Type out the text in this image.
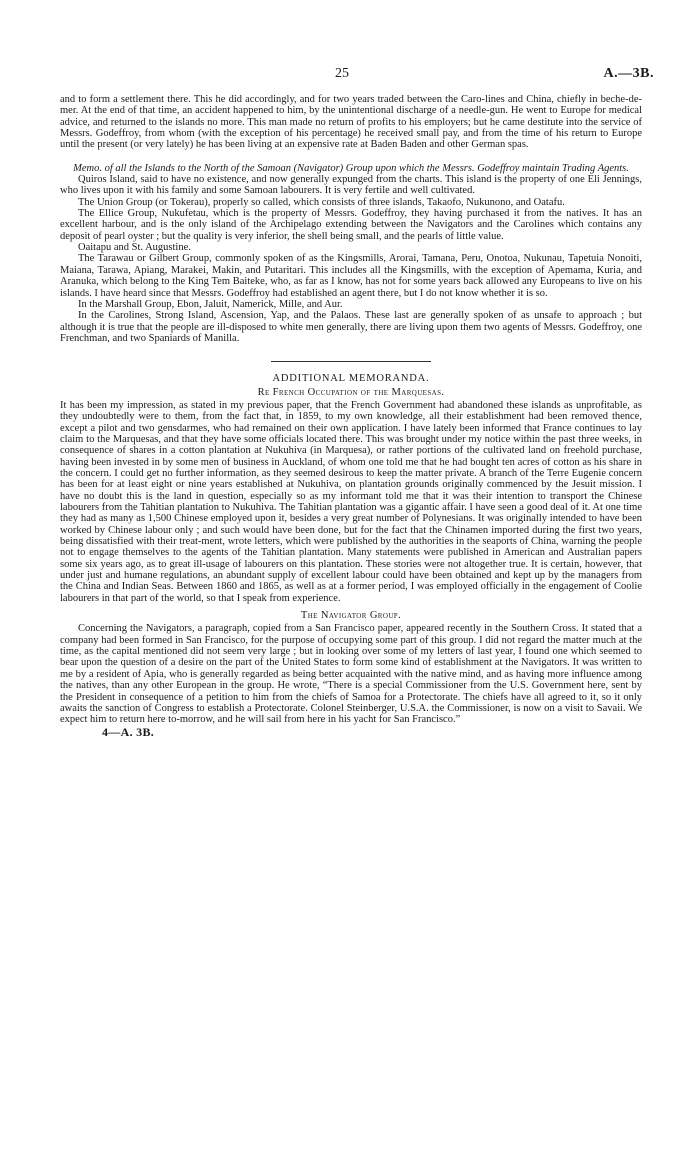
25	A.—3B.

and to form a settlement there. This he did accordingly, and for two years traded between the Caro-lines and China, chiefly in beche-de-mer. At the end of that time, an accident happened to him, by the unintentional discharge of a needle-gun. He went to Europe for medical advice, and returned to the islands no more. This man made no return of profits to his employers; but he came destitute into the service of Messrs. Godeffroy, from whom (with the exception of his percentage) he received small pay, and from the time of his return to Europe until the present (or very lately) he has been living at an expensive rate at Baden Baden and other German spas.

Memo. of all the Islands to the North of the Samoan (Navigator) Group upon which the Messrs. Godeffroy maintain Trading Agents.

Quiros Island, said to have no existence, and now generally expunged from the charts. This island is the property of one Eli Jennings, who lives upon it with his family and some Samoan labourers. It is very fertile and well cultivated.

The Union Group (or Tokerau), properly so called, which consists of three islands, Takaofo, Nukunono, and Oatafu.

The Ellice Group, Nukufetau, which is the property of Messrs. Godeffroy, they having purchased it from the natives. It has an excellent harbour, and is the only island of the Archipelago extending between the Navigators and the Carolines which contains any deposit of pearl oyster ; but the quality is very inferior, the shell being small, and the pearls of little value.

Oaitapu and St. Augustine.

The Tarawau or Gilbert Group, commonly spoken of as the Kingsmills, Arorai, Tamana, Peru, Onotoa, Nukunau, Tapetuia Nonoiti, Maiana, Tarawa, Apiang, Marakei, Makin, and Putaritari. This includes all the Kingsmills, with the exception of Apemama, Kuria, and Aranuka, which belong to the King Tem Baiteke, who, as far as I know, has not for some years back allowed any Europeans to live on his islands. I have heard since that Messrs. Godeffroy had established an agent there, but I do not know whether it is so.

In the Marshall Group, Ebon, Jaluit, Namerick, Mille, and Aur.

In the Carolines, Strong Island, Ascension, Yap, and the Palaos. These last are generally spoken of as unsafe to approach ; but although it is true that the people are ill-disposed to white men generally, there are living upon them two agents of Messrs. Godeffroy, one Frenchman, and two Spaniards of Manilla.

ADDITIONAL MEMORANDA.

Re French Occupation of the Marquesas.

It has been my impression, as stated in my previous paper, that the French Government had abandoned these islands as unprofitable, as they undoubtedly were to them, from the fact that, in 1859, to my own knowledge, all their establishment had been removed thence, except a pilot and two gensdarmes, who had remained on their own application. I have lately been informed that France continues to lay claim to the Marquesas, and that they have some officials located there. This was brought under my notice within the past three weeks, in consequence of shares in a cotton plantation at Nukuhiva (in Marquesa), or rather portions of the cultivated land on freehold purchase, having been invested in by some men of business in Auckland, of whom one told me that he had bought ten acres of cotton as his share in the concern. I could get no further information, as they seemed desirous to keep the matter private. A branch of the Terre Eugenie concern has been for at least eight or nine years established at Nukuhiva, on plantation grounds originally commenced by the Jesuit mission. I have no doubt this is the land in question, especially so as my informant told me that it was their intention to transport the Chinese labourers from the Tahitian plantation to Nukuhiva. The Tahitian plantation was a gigantic affair. I have seen a good deal of it. At one time they had as many as 1,500 Chinese employed upon it, besides a very great number of Polynesians. It was originally intended to have been worked by Chinese labour only ; and such would have been done, but for the fact that the Chinamen imported during the first two years, being dissatisfied with their treat-ment, wrote letters, which were published by the authorities in the seaports of China, warning the people not to engage themselves to the agents of the Tahitian plantation. Many statements were published in American and Australian papers some six years ago, as to great ill-usage of labourers on this plantation. These stories were not altogether true. It is certain, however, that under just and humane regulations, an abundant supply of excellent labour could have been obtained and kept up by the managers from the China and Indian Seas. Between 1860 and 1865, as well as at a former period, I was employed officially in the engagement of Coolie labourers in that part of the world, so that I speak from experience.

The Navigator Group.

Concerning the Navigators, a paragraph, copied from a San Francisco paper, appeared recently in the Southern Cross. It stated that a company had been formed in San Francisco, for the purpose of occupying some part of this group. I did not regard the matter much at the time, as the capital mentioned did not seem very large ; but in looking over some of my letters of last year, I found one which seemed to bear upon the question of a desire on the part of the United States to form some kind of establishment at the Navigators. It was written to me by a resident of Apia, who is generally regarded as being better acquainted with the native mind, and as having more influence among the natives, than any other European in the group. He wrote, “There is a special Commissioner from the U.S. Government here, sent by the President in consequence of a petition to him from the chiefs of Samoa for a Protectorate. The chiefs have all agreed to it, so it only awaits the sanction of Congress to establish a Protectorate. Colonel Steinberger, U.S.A. the Commissioner, is now on a visit to Savaii. We expect him to return here to-morrow, and he will sail from here in his yacht for San Francisco.”

4—A. 3B.
